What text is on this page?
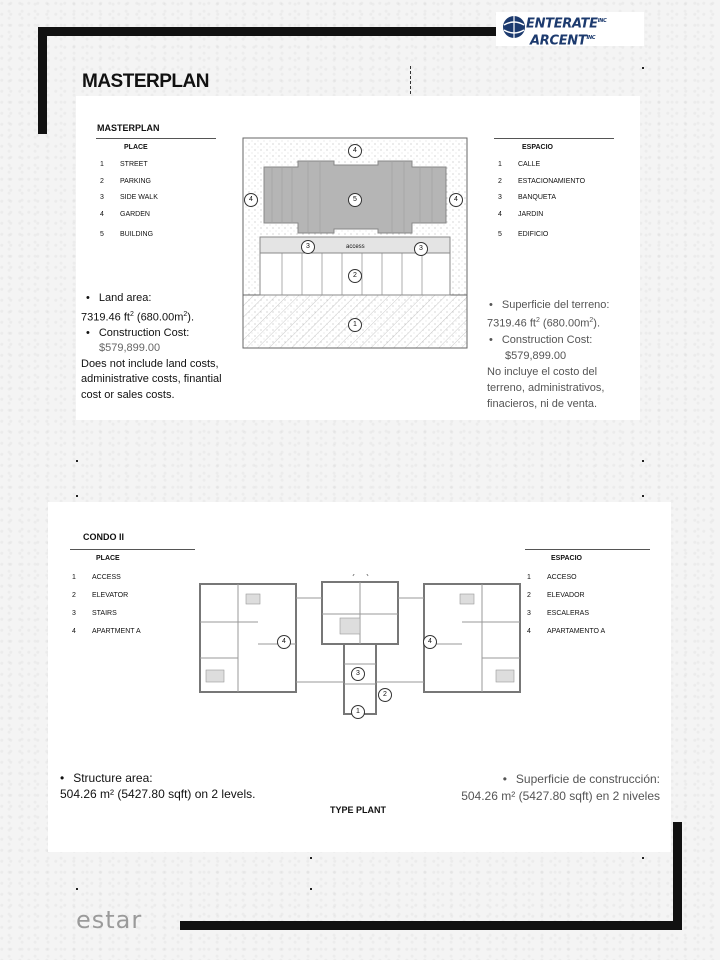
$ENTERATE^{INC}$
$ARCENT^{INC}$
MASTERPLAN
MASTERPLAN
PLACE
1	STREET
2	PARKING
3	SIDE WALK
4	GARDEN
5	BUILDING
ESPACIO
1	CALLE
2	ESTACIONAMIENTO
3	BANQUETA
4	JARDIN
5	EDIFICIO
access
4
4	4
5
3	3
2
1
• Land area:
7319.46 $ft^2$ $(680.00m^2)$.
• Construction Cost:
$579,899.00
Does not include land costs, administrative costs, finantial cost or sales costs.
• Superficie del terreno:
7319.46 $ft^2$ $(680.00m^2)$.
• Construction Cost:
$579,899.00
No incluye el costo del terreno, administrativos, finacieros, ni de venta.
CONDO II
PLACE
1	ACCESS
2	ELEVATOR
3	STAIRS
4	APARTMENT A
ESPACIO
1	ACCESO
2	ELEVADOR
3	ESCALERAS
4	APARTAMENTO A
1
2
3
4	4
• Structure area:
504.26 m² (5427.80 sqft) on 2 levels.
• Superficie de construcción:
504.26 m² (5427.80 sqft) en 2 niveles
TYPE PLANT
estar
